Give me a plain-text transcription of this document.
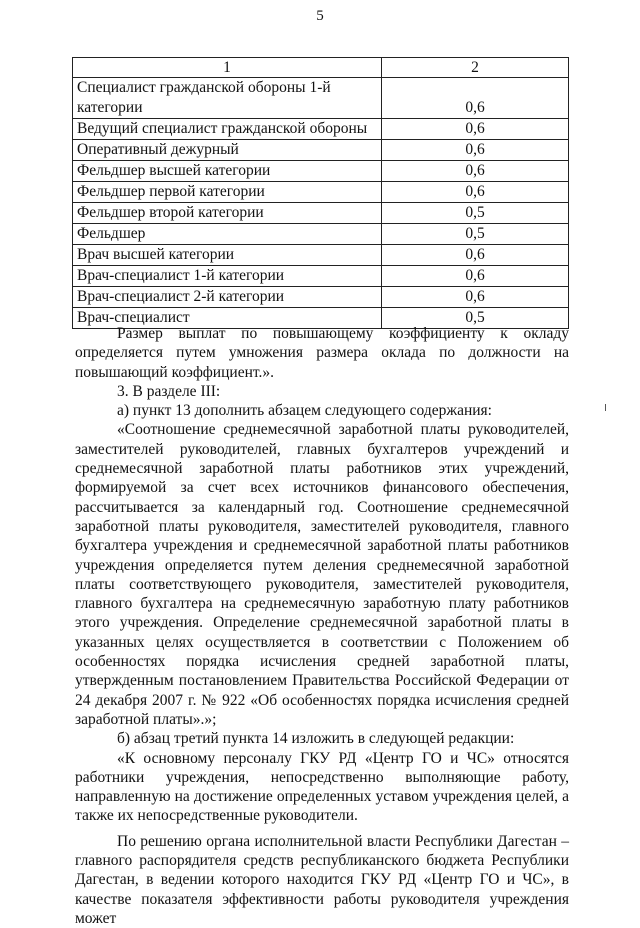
5
1	2
Специалист гражданской обороны 1-й категории	0,6
Ведущий специалист гражданской обороны	0,6
Оперативный дежурный	0,6
Фельдшер высшей категории	0,6
Фельдшер первой категории	0,6
Фельдшер второй категории	0,5
Фельдшер	0,5
Врач высшей категории	0,6
Врач-специалист 1-й категории	0,6
Врач-специалист 2-й категории	0,6
Врач-специалист	0,5

Размер выплат по повышающему коэффициенту к окладу определяется путем умножения размера оклада по должности на повышающий коэффициент.».

3. В разделе III:

а) пункт 13 дополнить абзацем следующего содержания:

«Соотношение среднемесячной заработной платы руководителей, заместителей руководителей, главных бухгалтеров учреждений и среднемесячной заработной платы работников этих учреждений, формируемой за счет всех источников финансового обеспечения, рассчитывается за календарный год. Соотношение среднемесячной заработной платы руководителя, заместителей руководителя, главного бухгалтера учреждения и среднемесячной заработной платы работников учреждения определяется путем деления среднемесячной заработной платы соответствующего руководителя, заместителей руководителя, главного бухгалтера на среднемесячную заработную плату работников этого учреждения. Определение среднемесячной заработной платы в указанных целях осуществляется в соответствии с Положением об особенностях порядка исчисления средней заработной платы, утвержденным постановлением Правительства Российской Федерации от 24 декабря 2007 г. № 922 «Об особенностях порядка исчисления средней заработной платы».»;

б) абзац третий пункта 14 изложить в следующей редакции:

«К основному персоналу ГКУ РД «Центр ГО и ЧС» относятся работники учреждения, непосредственно выполняющие работу, направленную на достижение определенных уставом учреждения целей, а также их непосредственные руководители.

По решению органа исполнительной власти Республики Дагестан – главного распорядителя средств республиканского бюджета Республики Дагестан, в ведении которого находится ГКУ РД «Центр ГО и ЧС», в качестве показателя эффективности работы руководителя учреждения может
